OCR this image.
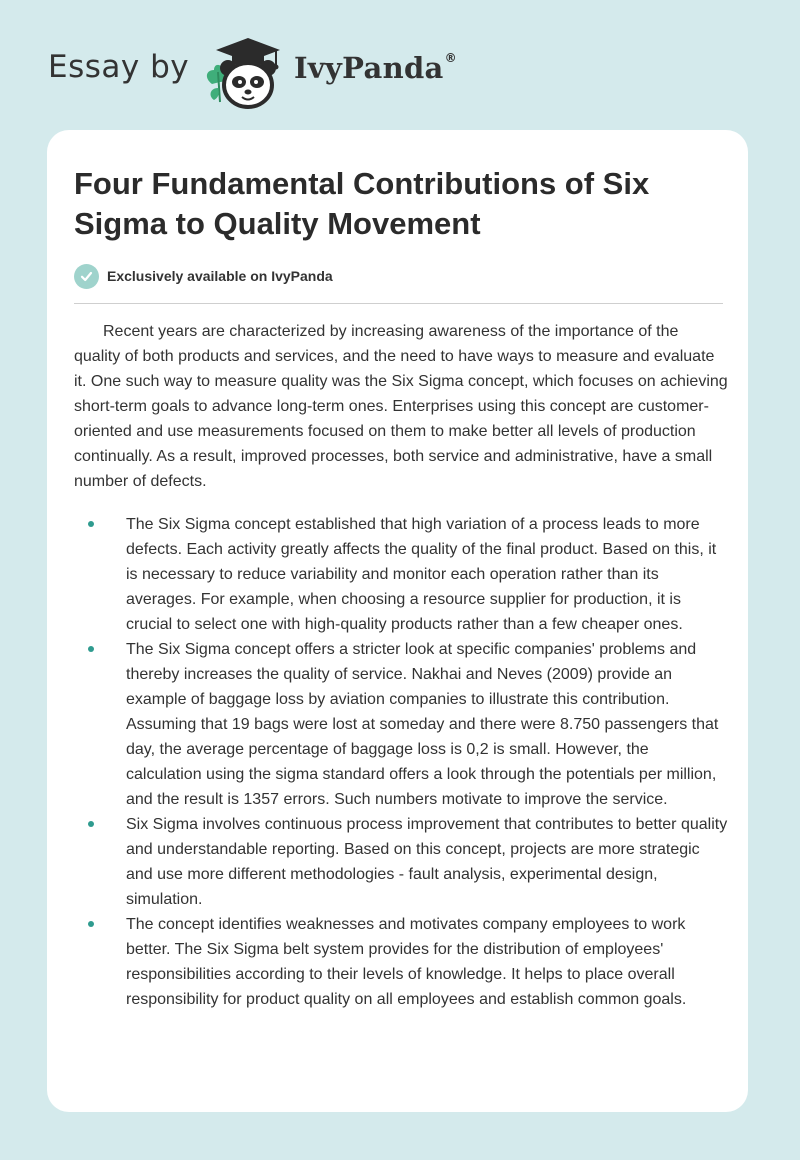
Essay by	IvyPanda®
Four Fundamental Contributions of Six Sigma to Quality Movement
Exclusively available on IvyPanda

Recent years are characterized by increasing awareness of the importance of the quality of both products and services, and the need to have ways to measure and evaluate it. One such way to measure quality was the Six Sigma concept, which focuses on achieving short-term goals to advance long-term ones. Enterprises using this concept are customer-oriented and use measurements focused on them to make better all levels of production continually. As a result, improved processes, both service and administrative, have a small number of defects.

The Six Sigma concept established that high variation of a process leads to more defects. Each activity greatly affects the quality of the final product. Based on this, it is necessary to reduce variability and monitor each operation rather than its averages. For example, when choosing a resource supplier for production, it is crucial to select one with high-quality products rather than a few cheaper ones.
The Six Sigma concept offers a stricter look at specific companies' problems and thereby increases the quality of service. Nakhai and Neves (2009) provide an example of baggage loss by aviation companies to illustrate this contribution. Assuming that 19 bags were lost at someday and there were 8.750 passengers that day, the average percentage of baggage loss is 0,2 is small. However, the calculation using the sigma standard offers a look through the potentials per million, and the result is 1357 errors. Such numbers motivate to improve the service.
Six Sigma involves continuous process improvement that contributes to better quality and understandable reporting. Based on this concept, projects are more strategic and use more different methodologies - fault analysis, experimental design, simulation.
The concept identifies weaknesses and motivates company employees to work better. The Six Sigma belt system provides for the distribution of employees' responsibilities according to their levels of knowledge. It helps to place overall responsibility for product quality on all employees and establish common goals.
